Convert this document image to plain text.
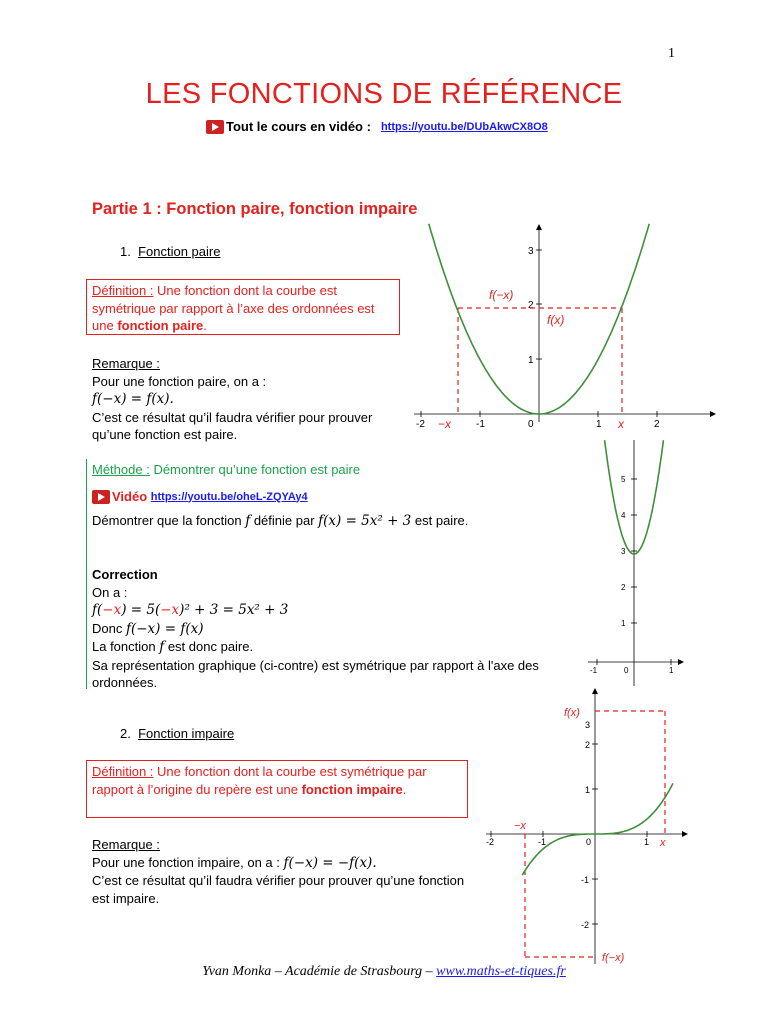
1
LES FONCTIONS DE RÉFÉRENCE
Tout le cours en vidéo : https://youtu.be/DUbAkwCX8O8
Partie 1 : Fonction paire, fonction impaire
1. Fonction paire
Définition : Une fonction dont la courbe est symétrique par rapport à l’axe des ordonnées est une fonction paire.
Remarque :
Pour une fonction paire, on a :
f(−x) = f(x).
C’est ce résultat qu’il faudra vérifier pour prouver qu’une fonction est paire.
Méthode : Démontrer qu’une fonction est paire
Vidéo
https://youtu.be/oheL-ZQYAy4
Démontrer que la fonction f définie par f(x) = 5x² + 3 est paire.
Correction
On a :
f(−x) = 5(−x)² + 3 = 5x² + 3
Donc f(−x) = f(x)
La fonction f est donc paire.
Sa représentation graphique (ci-contre) est symétrique par rapport à l'axe des ordonnées.
2. Fonction impaire
Définition : Une fonction dont la courbe est symétrique par rapport à l’origine du repère est une fonction impaire.
Remarque :
Pour une fonction impaire, on a : f(−x) = −f(x).
C’est ce résultat qu’il faudra vérifier pour prouver qu’une fonction est impaire.
-2	-1	0	1	2
1
2
3
f(−x)
f(x)
−x	x
-1	0	1
1
2
3
4
5
-2	-1	0	1
3
2
1
-1
-2
f(x)
f(−x)
−x
x
Yvan Monka – Académie de Strasbourg – www.maths-et-tiques.fr
